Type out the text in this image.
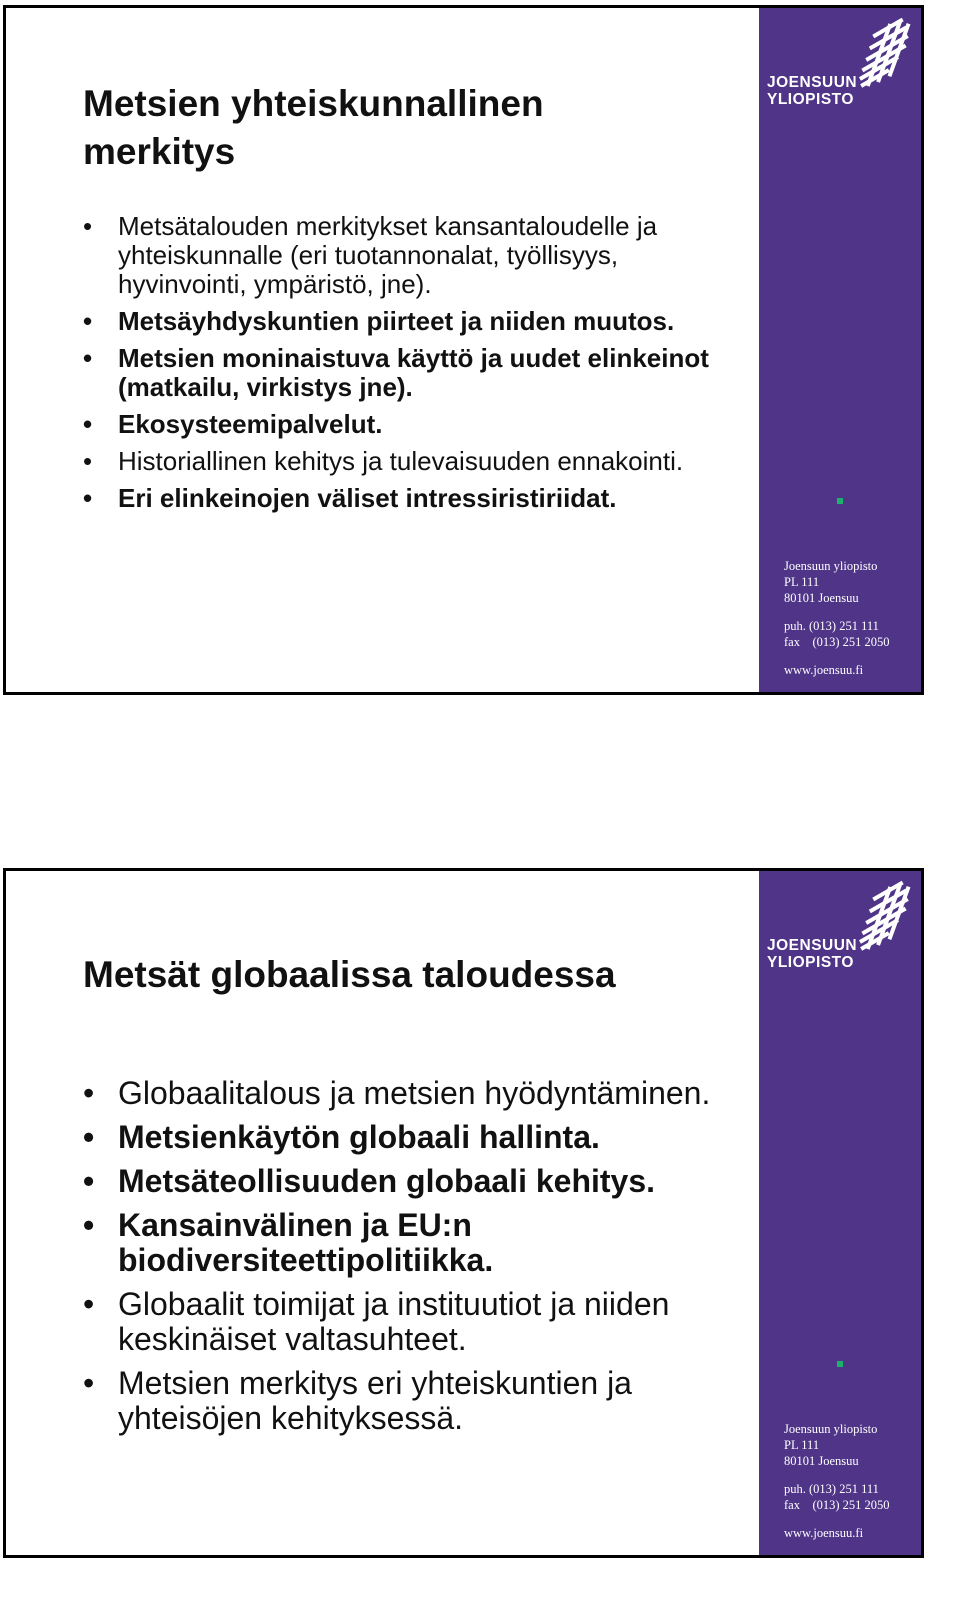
Metsien yhteiskunnallinen merkitys
• Metsätalouden merkitykset kansantaloudelle ja yhteiskunnalle (eri tuotannonalat, työllisyys, hyvinvointi, ympäristö, jne).
• Metsäyhdyskuntien piirteet ja niiden muutos.
• Metsien moninaistuva käyttö ja uudet elinkeinot (matkailu, virkistys jne).
• Ekosysteemipalvelut.
• Historiallinen kehitys ja tulevaisuuden ennakointi.
• Eri elinkeinojen väliset intressiristiriidat.
JOENSUUN
YLIOPISTO
Joensuun yliopisto
PL 111
80101 Joensuu
puh. (013) 251 111
fax    (013) 251 2050
www.joensuu.fi
Metsät globaalissa taloudessa
• Globaalitalous ja metsien hyödyntäminen.
• Metsienkäytön globaali hallinta.
• Metsäteollisuuden globaali kehitys.
• Kansainvälinen ja EU:n biodiversiteettipolitiikka.
• Globaalit toimijat ja instituutiot ja niiden keskinäiset valtasuhteet.
• Metsien merkitys eri yhteiskuntien ja yhteisöjen kehityksessä.
JOENSUUN
YLIOPISTO
Joensuun yliopisto
PL 111
80101 Joensuu
puh. (013) 251 111
fax    (013) 251 2050
www.joensuu.fi
